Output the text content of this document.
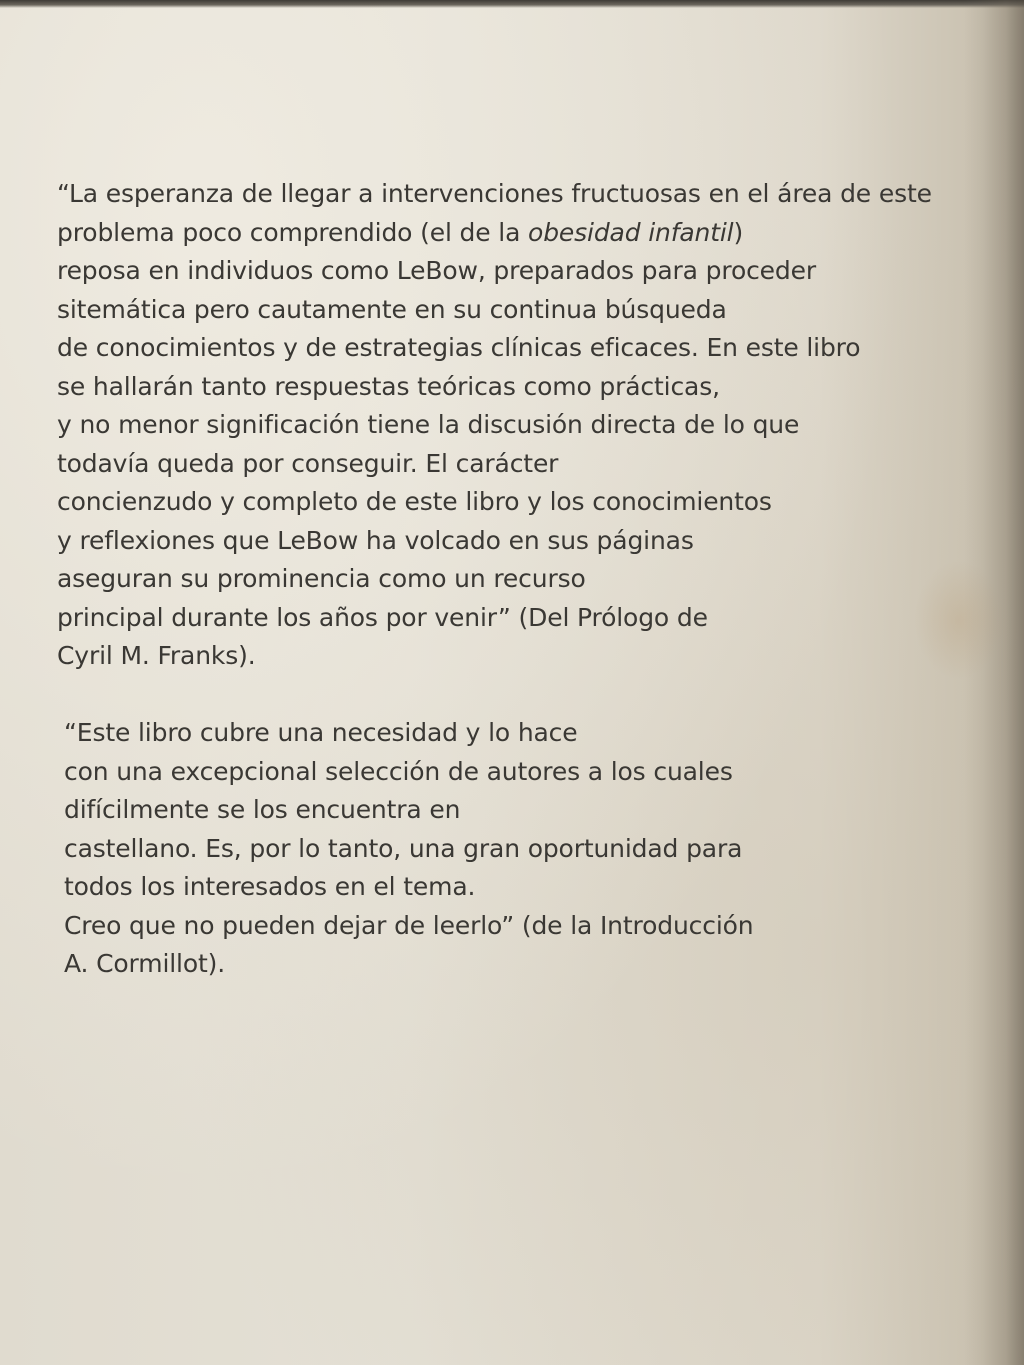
“La esperanza de llegar a intervenciones fructuosas en el área de este
problema poco comprendido (el de la obesidad infantil)
reposa en individuos como LeBow, preparados para proceder
sitemática pero cautamente en su continua búsqueda
de conocimientos y de estrategias clínicas eficaces. En este libro
se hallarán tanto respuestas teóricas como prácticas,
y no menor significación tiene la discusión directa de lo que
todavía queda por conseguir. El carácter
concienzudo y completo de este libro y los conocimientos
y reflexiones que LeBow ha volcado en sus páginas
aseguran su prominencia como un recurso
principal durante los años por venir” (Del Prólogo de
Cyril M. Franks).
“Este libro cubre una necesidad y lo hace
con una excepcional selección de autores a los cuales
difícilmente se los encuentra en
castellano. Es, por lo tanto, una gran oportunidad para
todos los interesados en el tema.
Creo que no pueden dejar de leerlo” (de la Introducción
A. Cormillot).
